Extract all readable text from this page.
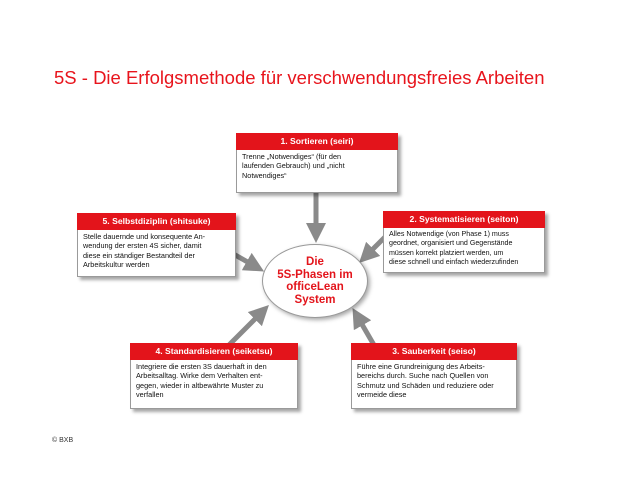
5S - Die Erfolgsmethode für verschwendungsfreies Arbeiten
1. Sortieren (seiri)
Trenne „Notwendiges“ (für den
laufenden Gebrauch) und „nicht
Notwendiges“
2. Systematisieren (seiton)
Alles Notwendige (von Phase 1) muss
geordnet, organisiert und Gegenstände
müssen korrekt platziert werden, um
diese schnell und einfach wiederzufinden
3. Sauberkeit (seiso)
Führe eine Grundreinigung des Arbeits-
bereichs durch. Suche nach Quellen von
Schmutz und Schäden und reduziere oder
vermeide diese
4. Standardisieren (seiketsu)
Integriere die ersten 3S dauerhaft in den
Arbeitsalltag. Wirke dem Verhalten ent-
gegen, wieder in altbewährte Muster zu
verfallen
5. Selbstdiziplin (shitsuke)
Stelle dauernde und konsequente An-
wendung der ersten 4S sicher, damit
diese ein ständiger Bestandteil der
Arbeitskultur werden	Die
5S-Phasen im
officeLean
System
© BXB
